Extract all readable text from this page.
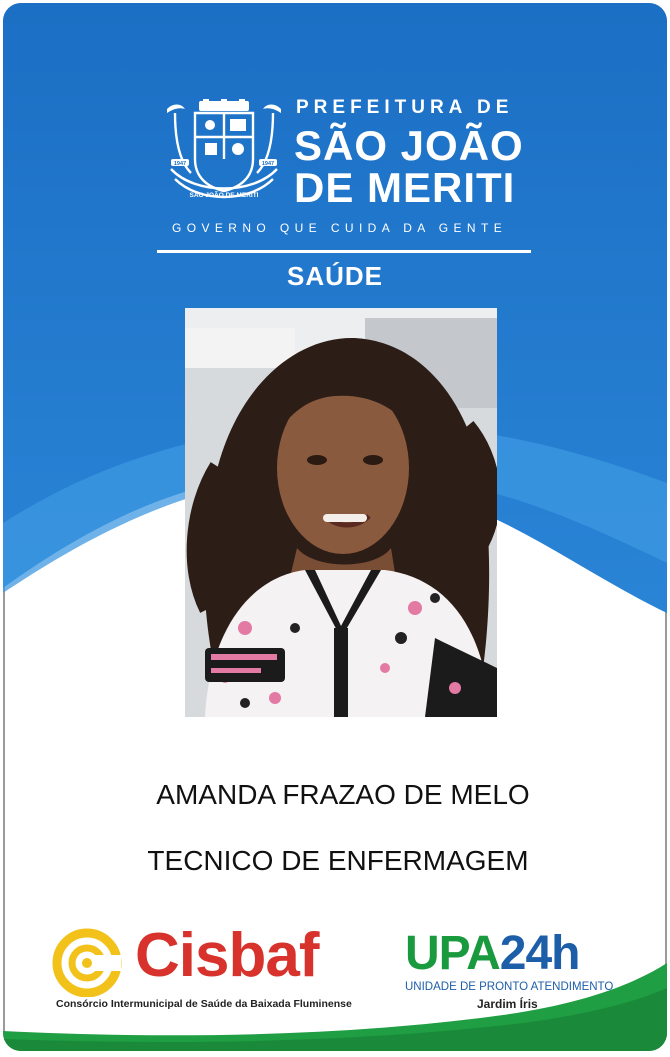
1947	1947
SÃO JOÃO DE MERITI
PREFEITURA DE
SÃO JOÃO
DE MERITI
GOVERNO QUE CUIDA DA GENTE
SAÚDE
AMANDA FRAZAO DE MELO
TECNICO DE ENFERMAGEM
Cisbaf
Consórcio Intermunicipal de Saúde da Baixada Fluminense
UPA24h
UNIDADE DE PRONTO ATENDIMENTO
Jardim Íris
